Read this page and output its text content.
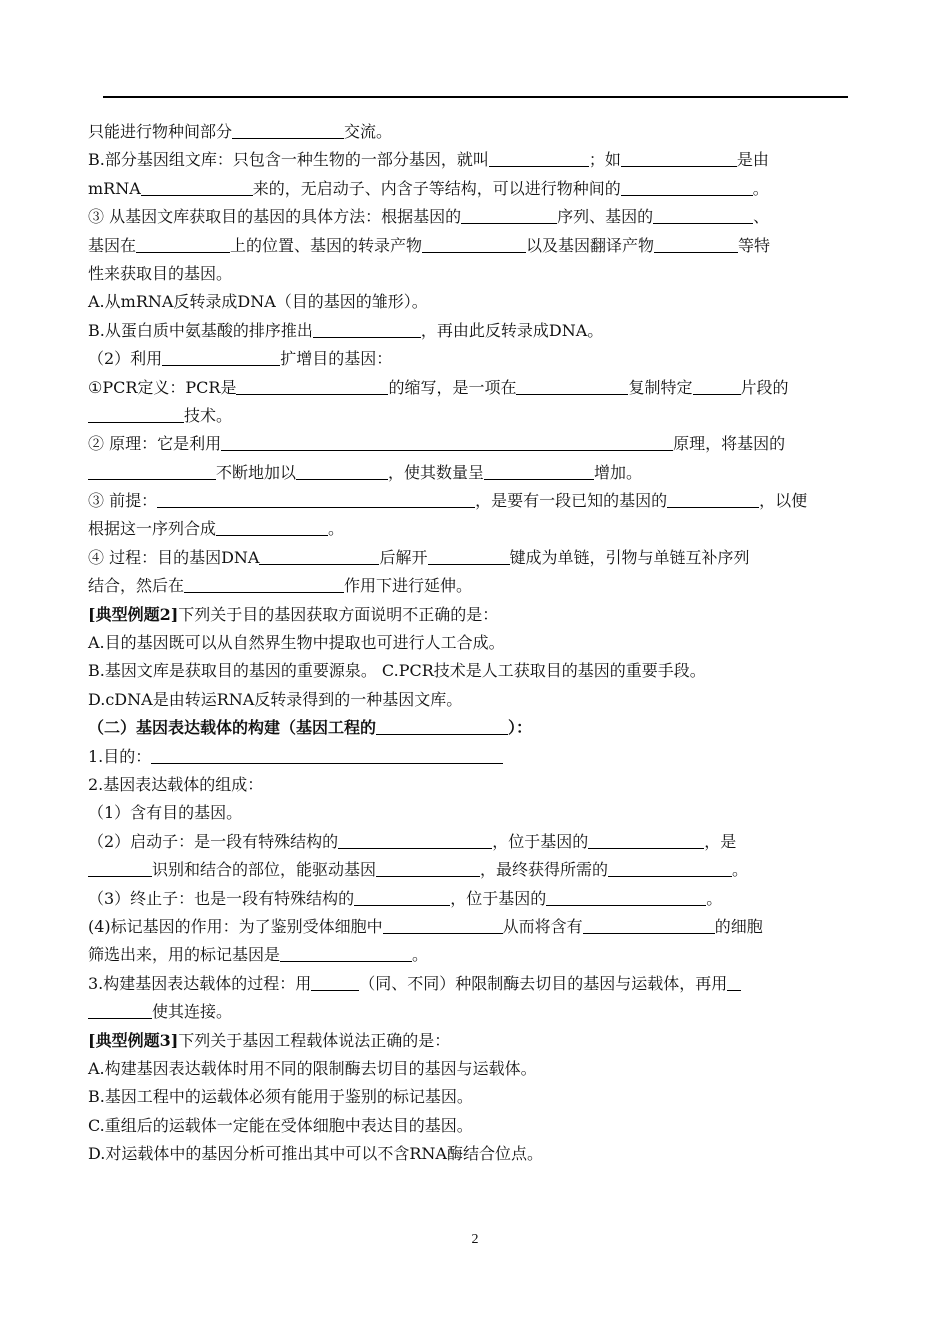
只能进行物种间部分	交流。
B.部分基因组文库：只包含一种生物的一部分基因，就叫	；如	是由
mRNA	来的，无启动子、内含子等结构，可以进行物种间的	。
③ 从基因文库获取目的基因的具体方法：根据基因的	序列、基因的	、
基因在	上的位置、基因的转录产物	以及基因翻译产物	等特
性来获取目的基因。
A.从mRNA反转录成DNA（目的基因的雏形）。
B.从蛋白质中氨基酸的排序推出	，再由此反转录成DNA。
（2）利用	扩增目的基因：
①PCR定义：PCR是	的缩写，是一项在	复制特定	片段的
技术。
② 原理：它是利用	原理，将基因的
不断地加以	，使其数量呈	增加。
③ 前提：	，是要有一段已知的基因的	，以便
根据这一序列合成	。
④ 过程：目的基因DNA	后解开	键成为单链，引物与单链互补序列
结合，然后在	作用下进行延伸。
[典型例题2]下列关于目的基因获取方面说明不正确的是：
A.目的基因既可以从自然界生物中提取也可进行人工合成。
B.基因文库是获取目的基因的重要源泉。 C.PCR技术是人工获取目的基因的重要手段。
D.cDNA是由转运RNA反转录得到的一种基因文库。
（二）基因表达载体的构建（基因工程的	）：
1.目的：
2.基因表达载体的组成：
（1）含有目的基因。
（2）启动子：是一段有特殊结构的	，位于基因的	，是
识别和结合的部位，能驱动基因	，最终获得所需的	。
（3）终止子：也是一段有特殊结构的	，位于基因的	。
(4)标记基因的作用：为了鉴别受体细胞中	从而将含有	的细胞
筛选出来，用的标记基因是	。
3.构建基因表达载体的过程：用	（同、不同）种限制酶去切目的基因与运载体，再用
使其连接。
[典型例题3]下列关于基因工程载体说法正确的是：
A.构建基因表达载体时用不同的限制酶去切目的基因与运载体。
B.基因工程中的运载体必须有能用于鉴别的标记基因。
C.重组后的运载体一定能在受体细胞中表达目的基因。
D.对运载体中的基因分析可推出其中可以不含RNA酶结合位点。
2
